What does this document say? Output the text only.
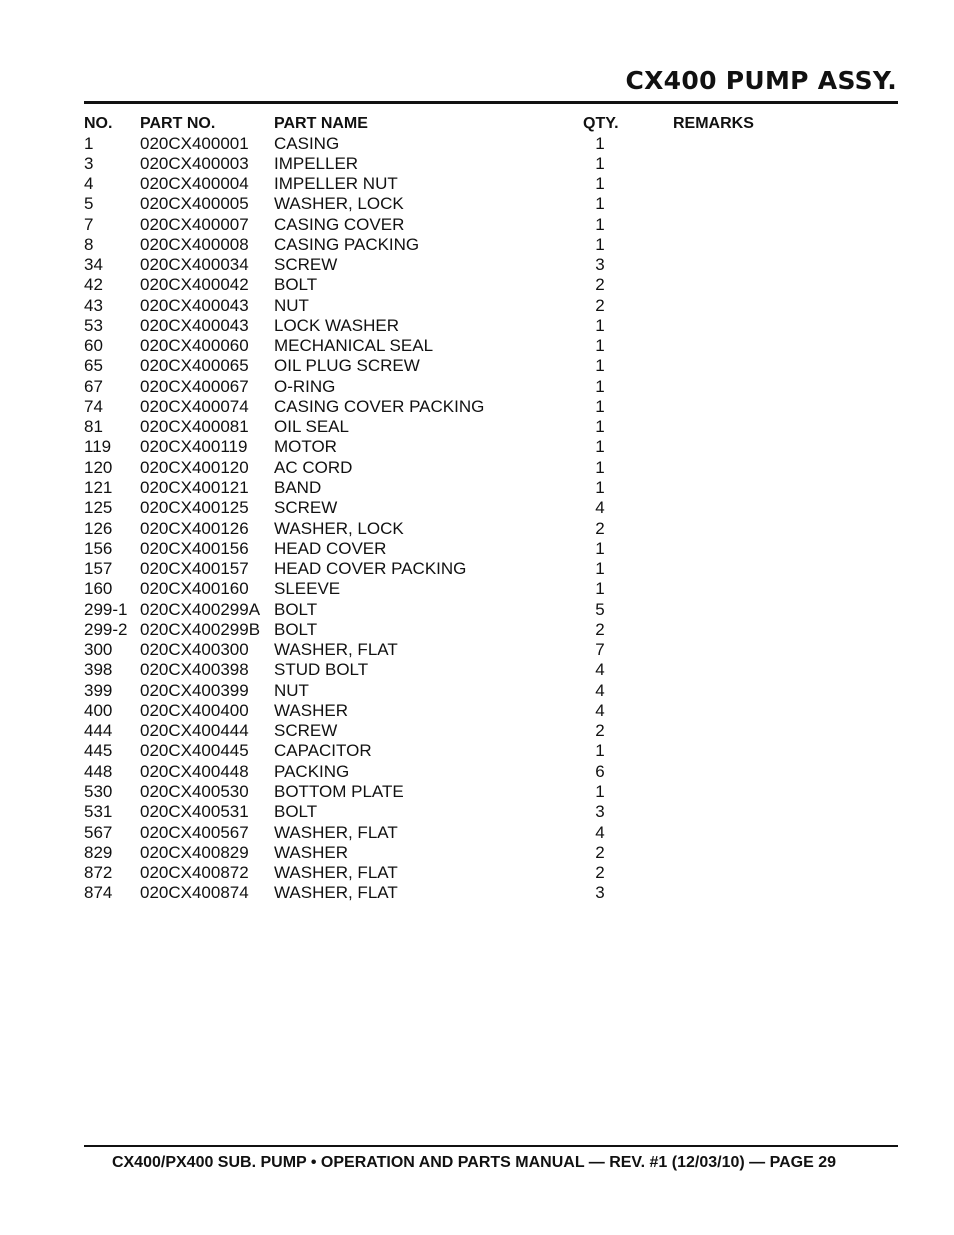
CX400 PUMP ASSY.
NO. PART NO.	PART NAME	QTY.	REMARKS
1	020CX400001 CASING	1
3	020CX400003 IMPELLER	1
4	020CX400004 IMPELLER NUT	1
5	020CX400005 WASHER, LOCK	1
7	020CX400007 CASING COVER	1
8	020CX400008 CASING PACKING	1
34 020CX400034 SCREW	3
42 020CX400042 BOLT	2
43 020CX400043 NUT	2
53 020CX400043 LOCK WASHER	1
60 020CX400060 MECHANICAL SEAL	1
65 020CX400065 OIL PLUG SCREW	1
67 020CX400067 O-RING	1
74 020CX400074 CASING COVER PACKING	1
81 020CX400081 OIL SEAL	1
119 020CX400119 MOTOR	1
120 020CX400120 AC CORD	1
121 020CX400121 BAND	1
125 020CX400125 SCREW	4
126 020CX400126 WASHER, LOCK	2
156 020CX400156 HEAD COVER	1
157 020CX400157 HEAD COVER PACKING	1
160 020CX400160 SLEEVE	1
299-1 020CX400299A BOLT	5
299-2 020CX400299B BOLT	2
300 020CX400300 WASHER, FLAT	7
398 020CX400398 STUD BOLT	4
399 020CX400399 NUT	4
400 020CX400400 WASHER	4
444 020CX400444 SCREW	2
445 020CX400445 CAPACITOR	1
448 020CX400448 PACKING	6
530 020CX400530 BOTTOM PLATE	1
531 020CX400531 BOLT	3
567 020CX400567 WASHER, FLAT	4
829 020CX400829 WASHER	2
872 020CX400872 WASHER, FLAT	2
874 020CX400874 WASHER, FLAT	3
CX400/PX400 SUB. PUMP • OPERATION AND PARTS MANUAL — REV. #1 (12/03/10) — PAGE 29
